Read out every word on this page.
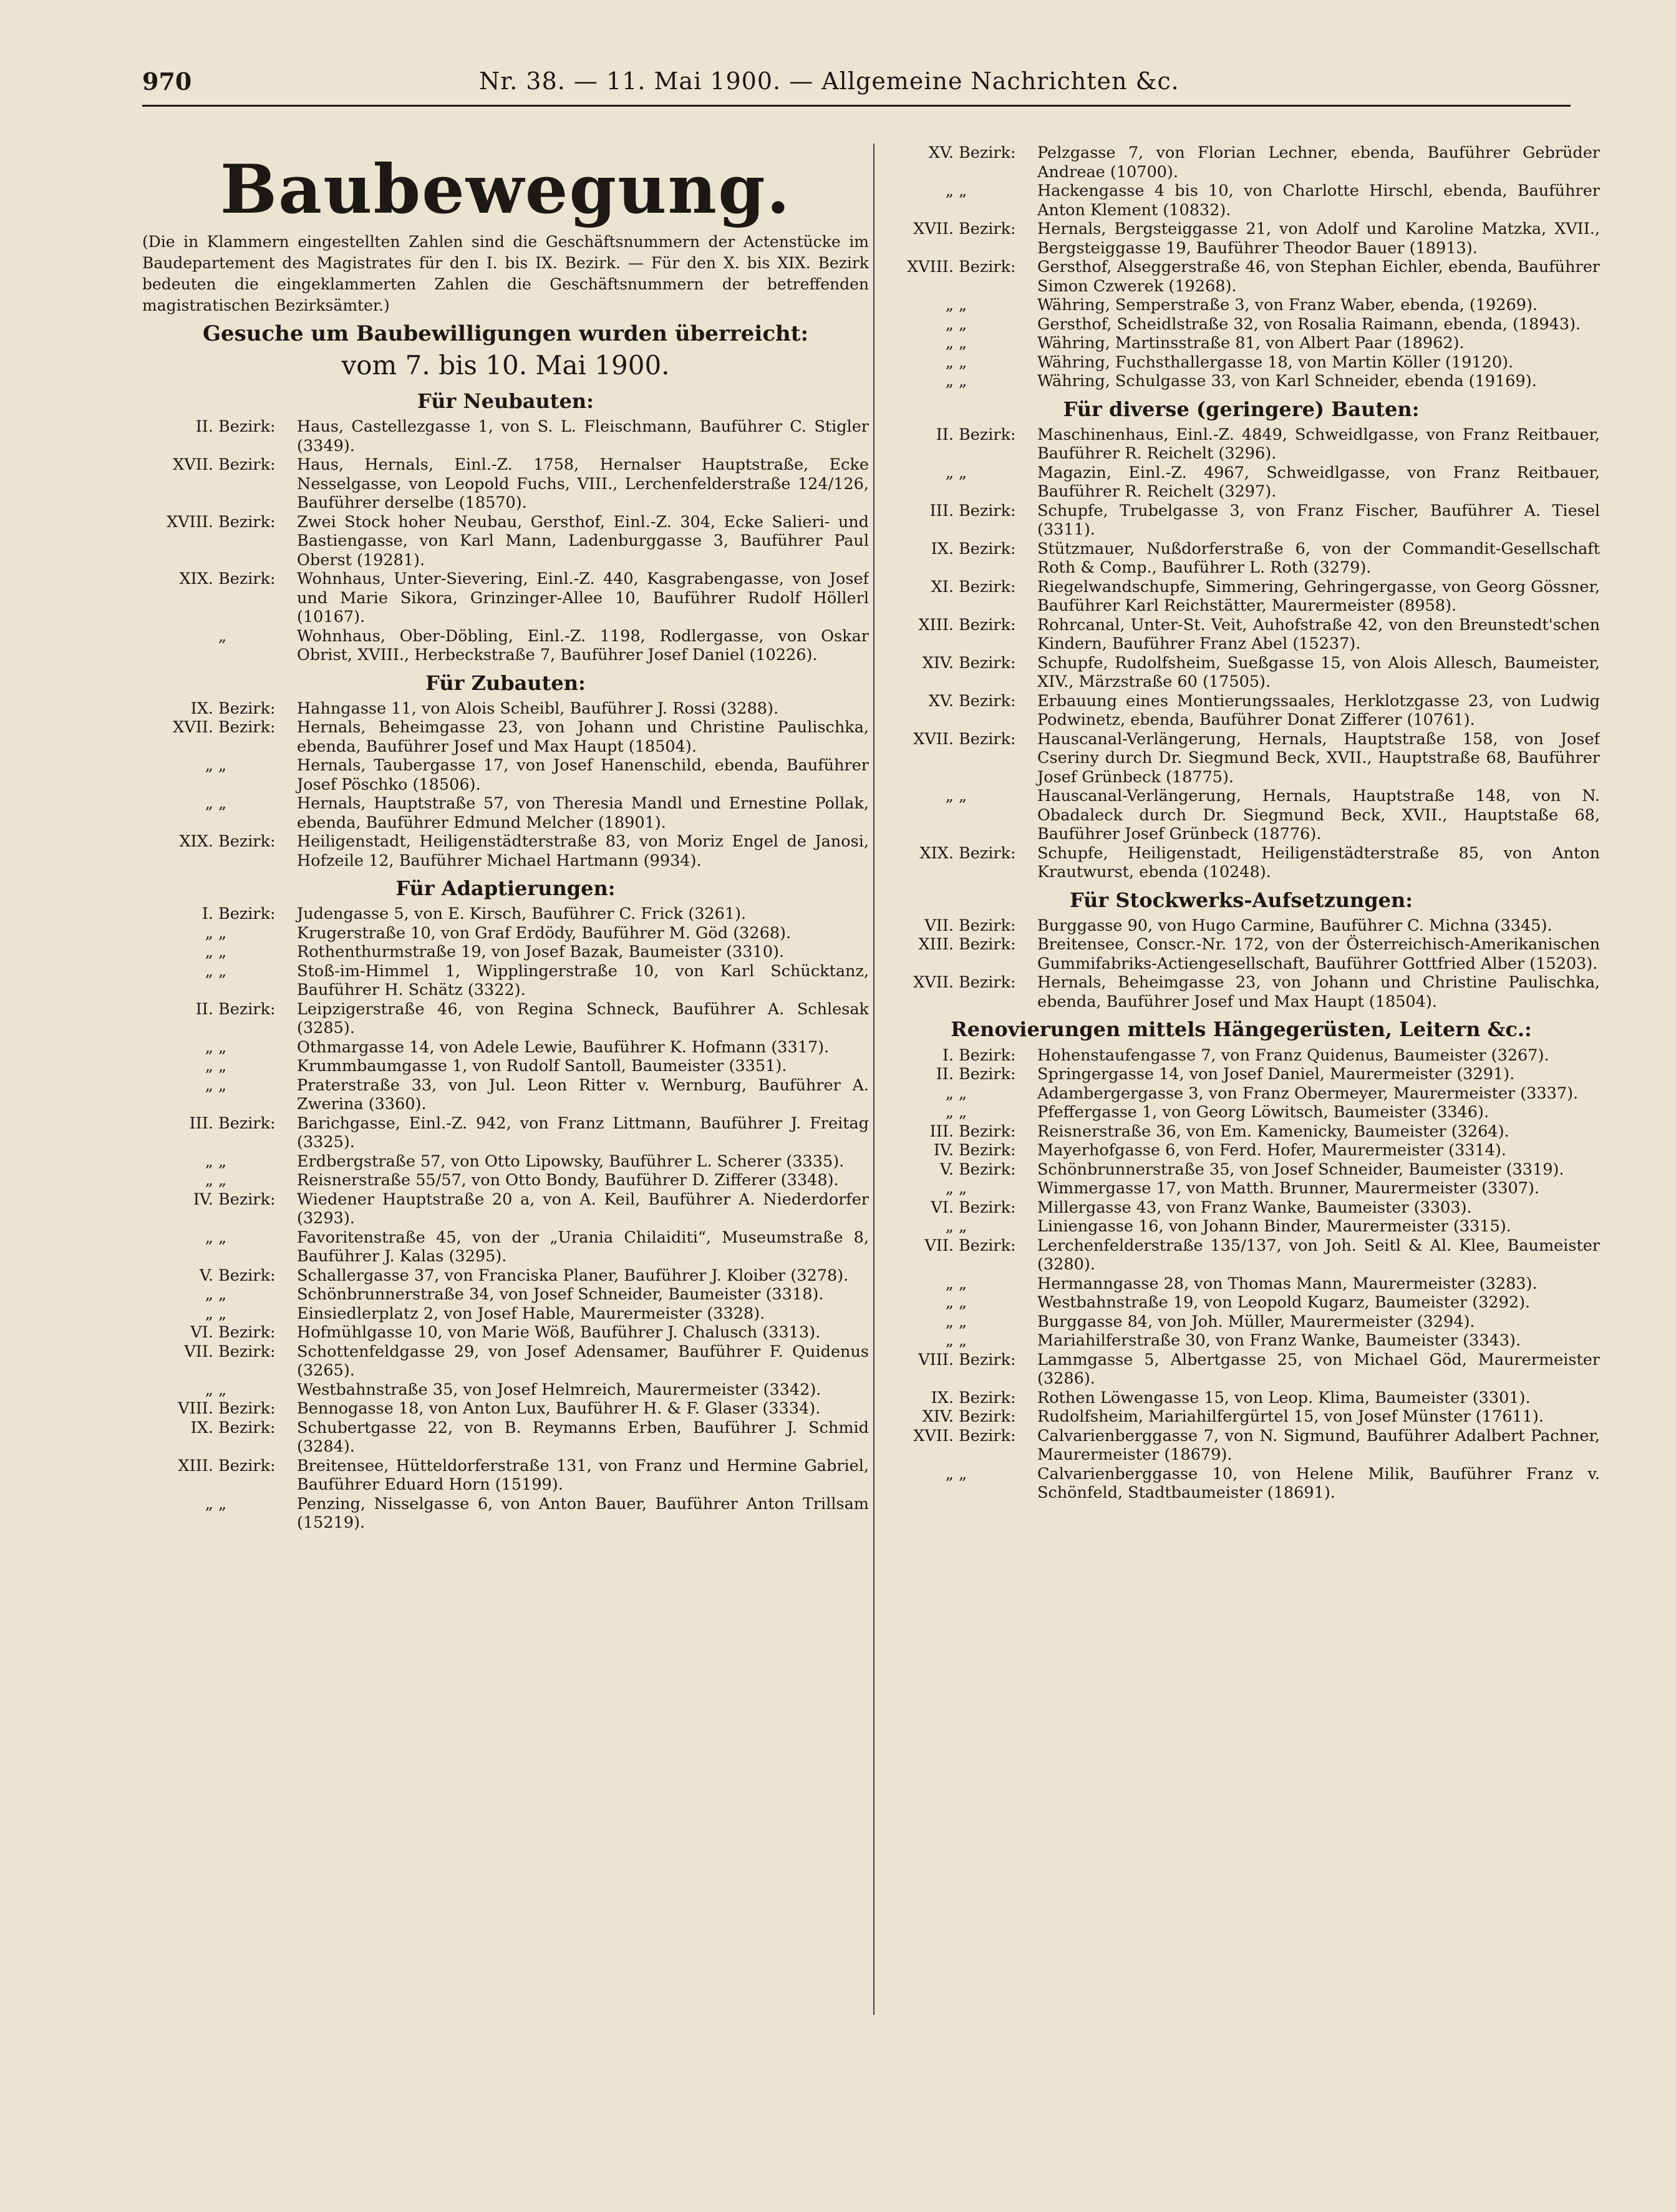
970	Nr. 38. — 11. Mai 1900. — Allgemeine Nachrichten &c.
Baubewegung.
(Die in Klammern eingestellten Zahlen sind die Geschäftsnummern der Actenstücke im Baudepartement des Magistrates für den I. bis IX. Bezirk. — Für den X. bis XIX. Bezirk bedeuten die eingeklammerten Zahlen die Geschäftsnummern der betreffenden magistratischen Bezirksämter.)
Gesuche um Baubewilligungen wurden überreicht:
vom 7. bis 10. Mai 1900.
Für Neubauten:
II. Bezirk:	Haus, Castellezgasse 1, von S. L. Fleischmann, Bauführer C. Stigler (3349).
XVII. Bezirk:	Haus, Hernals, Einl.-Z. 1758, Hernalser Hauptstraße, Ecke Nesselgasse, von Leopold Fuchs, VIII., Lerchenfelderstraße 124/126, Bauführer derselbe (18570).
XVIII. Bezirk:	Zwei Stock hoher Neubau, Gersthof, Einl.-Z. 304, Ecke Salieri- und Bastiengasse, von Karl Mann, Ladenburggasse 3, Bauführer Paul Oberst (19281).
XIX. Bezirk:	Wohnhaus, Unter-Sievering, Einl.-Z. 440, Kasgrabengasse, von Josef und Marie Sikora, Grinzinger-Allee 10, Bauführer Rudolf Höllerl (10167).
„	Wohnhaus, Ober-Döbling, Einl.-Z. 1198, Rodlergasse, von Oskar Obrist, XVIII., Herbeckstraße 7, Bauführer Josef Daniel (10226).
Für Zubauten:
IX. Bezirk:	Hahngasse 11, von Alois Scheibl, Bauführer J. Rossi (3288).
XVII. Bezirk:	Hernals, Beheimgasse 23, von Johann und Christine Paulischka, ebenda, Bauführer Josef und Max Haupt (18504).
„ „	Hernals, Taubergasse 17, von Josef Hanenschild, ebenda, Bauführer Josef Pöschko (18506).
„ „	Hernals, Hauptstraße 57, von Theresia Mandl und Ernestine Pollak, ebenda, Bauführer Edmund Melcher (18901).
XIX. Bezirk:	Heiligenstadt, Heiligenstädterstraße 83, von Moriz Engel de Janosi, Hofzeile 12, Bauführer Michael Hartmann (9934).
Für Adaptierungen:
I. Bezirk:	Judengasse 5, von E. Kirsch, Bauführer C. Frick (3261).
„ „	Krugerstraße 10, von Graf Erdödy, Bauführer M. Göd (3268).
„ „	Rothenthurmstraße 19, von Josef Bazak, Baumeister (3310).
„ „	Stoß-im-Himmel 1, Wipplingerstraße 10, von Karl Schücktanz, Bauführer H. Schätz (3322).
II. Bezirk:	Leipzigerstraße 46, von Regina Schneck, Bauführer A. Schlesak (3285).
„ „	Othmargasse 14, von Adele Lewie, Bauführer K. Hofmann (3317).
„ „	Krummbaumgasse 1, von Rudolf Santoll, Baumeister (3351).
„ „	Praterstraße 33, von Jul. Leon Ritter v. Wernburg, Bauführer A. Zwerina (3360).
III. Bezirk:	Barichgasse, Einl.-Z. 942, von Franz Littmann, Bauführer J. Freitag (3325).
„ „	Erdbergstraße 57, von Otto Lipowsky, Bauführer L. Scherer (3335).
„ „	Reisnerstraße 55/57, von Otto Bondy, Bauführer D. Zifferer (3348).
IV. Bezirk:	Wiedener Hauptstraße 20 a, von A. Keil, Bauführer A. Niederdorfer (3293).
„ „	Favoritenstraße 45, von der „Urania Chilaiditi“, Museumstraße 8, Bauführer J. Kalas (3295).
V. Bezirk:	Schallergasse 37, von Franciska Planer, Bauführer J. Kloiber (3278).
„ „	Schönbrunnerstraße 34, von Josef Schneider, Baumeister (3318).
„ „	Einsiedlerplatz 2, von Josef Hable, Maurermeister (3328).
VI. Bezirk:	Hofmühlgasse 10, von Marie Wöß, Bauführer J. Chalusch (3313).
VII. Bezirk:	Schottenfeldgasse 29, von Josef Adensamer, Bauführer F. Quidenus (3265).
„ „	Westbahnstraße 35, von Josef Helmreich, Maurermeister (3342).
VIII. Bezirk:	Bennogasse 18, von Anton Lux, Bauführer H. & F. Glaser (3334).
IX. Bezirk:	Schubertgasse 22, von B. Reymanns Erben, Bauführer J. Schmid (3284).
XIII. Bezirk:	Breitensee, Hütteldorferstraße 131, von Franz und Hermine Gabriel, Bauführer Eduard Horn (15199).
„ „	Penzing, Nisselgasse 6, von Anton Bauer, Bauführer Anton Trillsam (15219).
XV. Bezirk:	Pelzgasse 7, von Florian Lechner, ebenda, Bauführer Gebrüder Andreae (10700).
„ „	Hackengasse 4 bis 10, von Charlotte Hirschl, ebenda, Bauführer Anton Klement (10832).
XVII. Bezirk:	Hernals, Bergsteiggasse 21, von Adolf und Karoline Matzka, XVII., Bergsteiggasse 19, Bauführer Theodor Bauer (18913).
XVIII. Bezirk:	Gersthof, Alseggerstraße 46, von Stephan Eichler, ebenda, Bauführer Simon Czwerek (19268).
„ „	Währing, Semperstraße 3, von Franz Waber, ebenda, (19269).
„ „	Gersthof, Scheidlstraße 32, von Rosalia Raimann, ebenda, (18943).
„ „	Währing, Martinsstraße 81, von Albert Paar (18962).
„ „	Währing, Fuchsthallergasse 18, von Martin Köller (19120).
„ „	Währing, Schulgasse 33, von Karl Schneider, ebenda (19169).
Für diverse (geringere) Bauten:
II. Bezirk:	Maschinenhaus, Einl.-Z. 4849, Schweidlgasse, von Franz Reitbauer, Bauführer R. Reichelt (3296).
„ „	Magazin, Einl.-Z. 4967, Schweidlgasse, von Franz Reitbauer, Bauführer R. Reichelt (3297).
III. Bezirk:	Schupfe, Trubelgasse 3, von Franz Fischer, Bauführer A. Tiesel (3311).
IX. Bezirk:	Stützmauer, Nußdorferstraße 6, von der Commandit-Gesellschaft Roth & Comp., Bauführer L. Roth (3279).
XI. Bezirk:	Riegelwandschupfe, Simmering, Gehringergasse, von Georg Gössner, Bauführer Karl Reichstätter, Maurermeister (8958).
XIII. Bezirk:	Rohrcanal, Unter-St. Veit, Auhofstraße 42, von den Breunstedt'schen Kindern, Bauführer Franz Abel (15237).
XIV. Bezirk:	Schupfe, Rudolfsheim, Sueßgasse 15, von Alois Allesch, Baumeister, XIV., Märzstraße 60 (17505).
XV. Bezirk:	Erbauung eines Montierungssaales, Herklotzgasse 23, von Ludwig Podwinetz, ebenda, Bauführer Donat Zifferer (10761).
XVII. Bezirk:	Hauscanal-Verlängerung, Hernals, Hauptstraße 158, von Josef Cseriny durch Dr. Siegmund Beck, XVII., Hauptstraße 68, Bauführer Josef Grünbeck (18775).
„ „	Hauscanal-Verlängerung, Hernals, Hauptstraße 148, von N. Obadaleck durch Dr. Siegmund Beck, XVII., Hauptstaße 68, Bauführer Josef Grünbeck (18776).
XIX. Bezirk:	Schupfe, Heiligenstadt, Heiligenstädterstraße 85, von Anton Krautwurst, ebenda (10248).
Für Stockwerks-Aufsetzungen:
VII. Bezirk:	Burggasse 90, von Hugo Carmine, Bauführer C. Michna (3345).
XIII. Bezirk:	Breitensee, Conscr.-Nr. 172, von der Österreichisch-Amerikanischen Gummifabriks-Actiengesellschaft, Bauführer Gottfried Alber (15203).
XVII. Bezirk:	Hernals, Beheimgasse 23, von Johann und Christine Paulischka, ebenda, Bauführer Josef und Max Haupt (18504).
Renovierungen mittels Hängegerüsten, Leitern &c.:
I. Bezirk:	Hohenstaufengasse 7, von Franz Quidenus, Baumeister (3267).
II. Bezirk:	Springergasse 14, von Josef Daniel, Maurermeister (3291).
„ „	Adambergergasse 3, von Franz Obermeyer, Maurermeister (3337).
„ „	Pfeffergasse 1, von Georg Löwitsch, Baumeister (3346).
III. Bezirk:	Reisnerstraße 36, von Em. Kamenicky, Baumeister (3264).
IV. Bezirk:	Mayerhofgasse 6, von Ferd. Hofer, Maurermeister (3314).
V. Bezirk:	Schönbrunnerstraße 35, von Josef Schneider, Baumeister (3319).
„ „	Wimmergasse 17, von Matth. Brunner, Maurermeister (3307).
VI. Bezirk:	Millergasse 43, von Franz Wanke, Baumeister (3303).
„ „	Liniengasse 16, von Johann Binder, Maurermeister (3315).
VII. Bezirk:	Lerchenfelderstraße 135/137, von Joh. Seitl & Al. Klee, Baumeister (3280).
„ „	Hermanngasse 28, von Thomas Mann, Maurermeister (3283).
„ „	Westbahnstraße 19, von Leopold Kugarz, Baumeister (3292).
„ „	Burggasse 84, von Joh. Müller, Maurermeister (3294).
„ „	Mariahilferstraße 30, von Franz Wanke, Baumeister (3343).
VIII. Bezirk:	Lammgasse 5, Albertgasse 25, von Michael Göd, Maurermeister (3286).
IX. Bezirk:	Rothen Löwengasse 15, von Leop. Klima, Baumeister (3301).
XIV. Bezirk:	Rudolfsheim, Mariahilfergürtel 15, von Josef Münster (17611).
XVII. Bezirk:	Calvarienberggasse 7, von N. Sigmund, Bauführer Adalbert Pachner, Maurermeister (18679).
„ „	Calvarienberggasse 10, von Helene Milik, Bauführer Franz v. Schönfeld, Stadtbaumeister (18691).
